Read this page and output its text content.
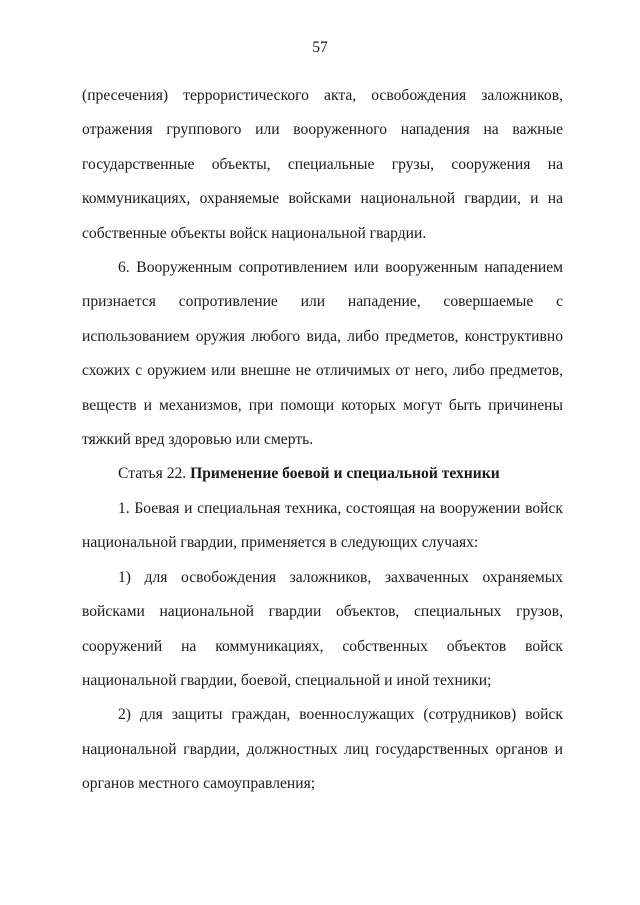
57

(пресечения) террористического акта, освобождения заложников, отражения группового или вооруженного нападения на важные государственные объекты, специальные грузы, сооружения на коммуникациях, охраняемые войсками национальной гвардии, и на собственные объекты войск национальной гвардии.

6. Вооруженным сопротивлением или вооруженным нападением признается сопротивление или нападение, совершаемые с использованием оружия любого вида, либо предметов, конструктивно схожих с оружием или внешне не отличимых от него, либо предметов, веществ и механизмов, при помощи которых могут быть причинены тяжкий вред здоровью или смерть.

Статья 22. Применение боевой и специальной техники

1. Боевая и специальная техника, состоящая на вооружении войск национальной гвардии, применяется в следующих случаях:

1) для освобождения заложников, захваченных охраняемых войсками национальной гвардии объектов, специальных грузов, сооружений на коммуникациях, собственных объектов войск национальной гвардии, боевой, специальной и иной техники;

2) для защиты граждан, военнослужащих (сотрудников) войск национальной гвардии, должностных лиц государственных органов и органов местного самоуправления;
